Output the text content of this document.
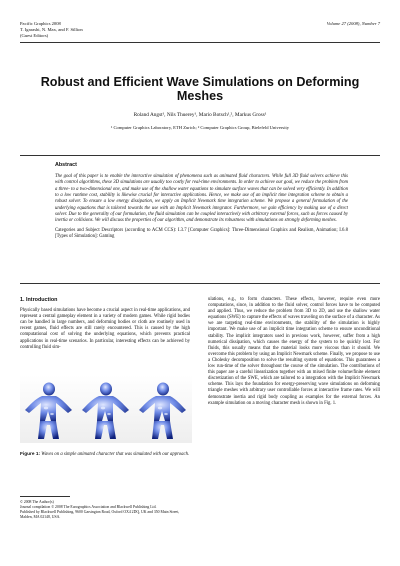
Pacific Graphics 2008
T. Igarashi, N. Max, and F. Sillion
(Guest Editors)
Volume 27 (2008), Number 7
Robust and Efficient Wave Simulations on Deforming Meshes
Roland Angst¹, Nils Thuerey¹, Mario Botsch¹,², Markus Gross¹
¹ Computer Graphics Laboratory, ETH Zurich; ² Computer Graphics Group, Bielefeld University
Abstract
The goal of this paper is to enable the interactive simulation of phenomena such as animated fluid characters. While full 3D fluid solvers achieve this with control algorithms, these 3D simulations are usually too costly for real-time environments. In order to achieve our goal, we reduce the problem from a three- to a two-dimensional one, and make use of the shallow water equations to simulate surface waves that can be solved very efficiently. In addition to a low runtime cost, stability is likewise crucial for interactive applications. Hence, we make use of an implicit time integration scheme to obtain a robust solver. To ensure a low energy dissipation, we apply an Implicit Newmark time integration scheme. We propose a general formulation of the underlying equations that is tailored towards the use with an Implicit Newmark integrator. Furthermore, we gain efficiency by making use of a direct solver. Due to the generality of our formulation, the fluid simulation can be coupled interactively with arbitrary external forces, such as forces caused by inertia or collisions. We will discuss the properties of our algorithm, and demonstrate its robustness with simulations on strongly deforming meshes.
Categories and Subject Descriptors (according to ACM CCS): I.3.7 [Computer Graphics]: Three-Dimensional Graphics and Realism, Animation; I.6.8 [Types of Simulation]: Gaming
1. Introduction
Physically based simulations have become a crucial aspect in real-time applications, and represent a central gameplay element in a variety of modern games. While rigid bodies can be handled in large numbers, and deforming bodies or cloth are routinely used in recent games, fluid effects are still rarely encountered. This is caused by the high computational cost of solving the underlying equations, which prevents practical applications in real-time scenarios. In particular, interesting effects can be achieved by controlling fluid sim-
ulations, e.g., to form characters. These effects, however, require even more computations, since, in addition to the fluid solver, control forces have to be computed and applied. Thus, we reduce the problem from 3D to 2D, and use the shallow water equations (SWE) to capture the effects of waves traveling on the surface of a character. As we are targeting real-time environments, the stability of the simulation is highly important. We make use of an implicit time integration scheme to ensure unconditional stability. The implicit integrators used in previous work, however, suffer from a high numerical dissipation, which causes the energy of the system to be quickly lost. For fluids, this usually means that the material looks more viscous than it should. We overcome this problem by using an Implicit Newmark scheme. Finally, we propose to use a Cholesky decomposition to solve the resulting system of equations. This guarantees a low run-time of the solver throughout the course of the simulation. The contributions of this paper are a careful linearization together with an mixed finite volume/finite element discretization of the SWE, which are tailored to a integration with the Implicit Newmark scheme. This lays the foundation for energy-preserving wave simulations on deforming triangle meshes with arbitrary user controllable forces at interactive frame rates. We will demonstrate inertia and rigid body coupling as examples for the external forces. An example simulation on a moving character mesh is shown in Fig. 1.
Figure 1: Waves on a simple animated character that was simulated with our approach.
© 2008 The Author(s)
Journal compilation © 2008 The Eurographics Association and Blackwell Publishing Ltd.
Published by Blackwell Publishing, 9600 Garsington Road, Oxford OX4 2DQ, UK and 350 Main Street, Malden, MA 02148, USA.
